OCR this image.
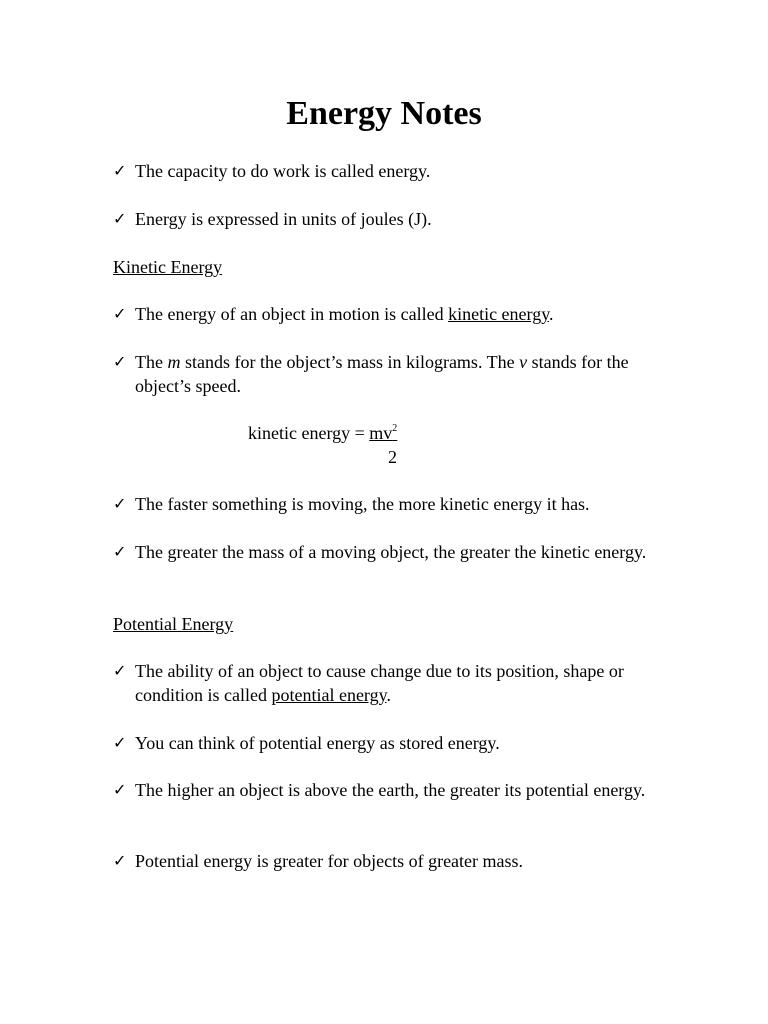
Energy Notes
✓ The capacity to do work is called energy.
✓ Energy is expressed in units of joules (J).
Kinetic Energy
✓ The energy of an object in motion is called kinetic energy.
✓ The m stands for the object’s mass in kilograms. The v stands for the object’s speed.
kinetic energy = $mv^2$
2
✓ The faster something is moving, the more kinetic energy it has.
✓ The greater the mass of a moving object, the greater the kinetic energy.
Potential Energy
✓ The ability of an object to cause change due to its position, shape or condition is called potential energy.
✓ You can think of potential energy as stored energy.
✓ The higher an object is above the earth, the greater its potential energy.
✓ Potential energy is greater for objects of greater mass.
